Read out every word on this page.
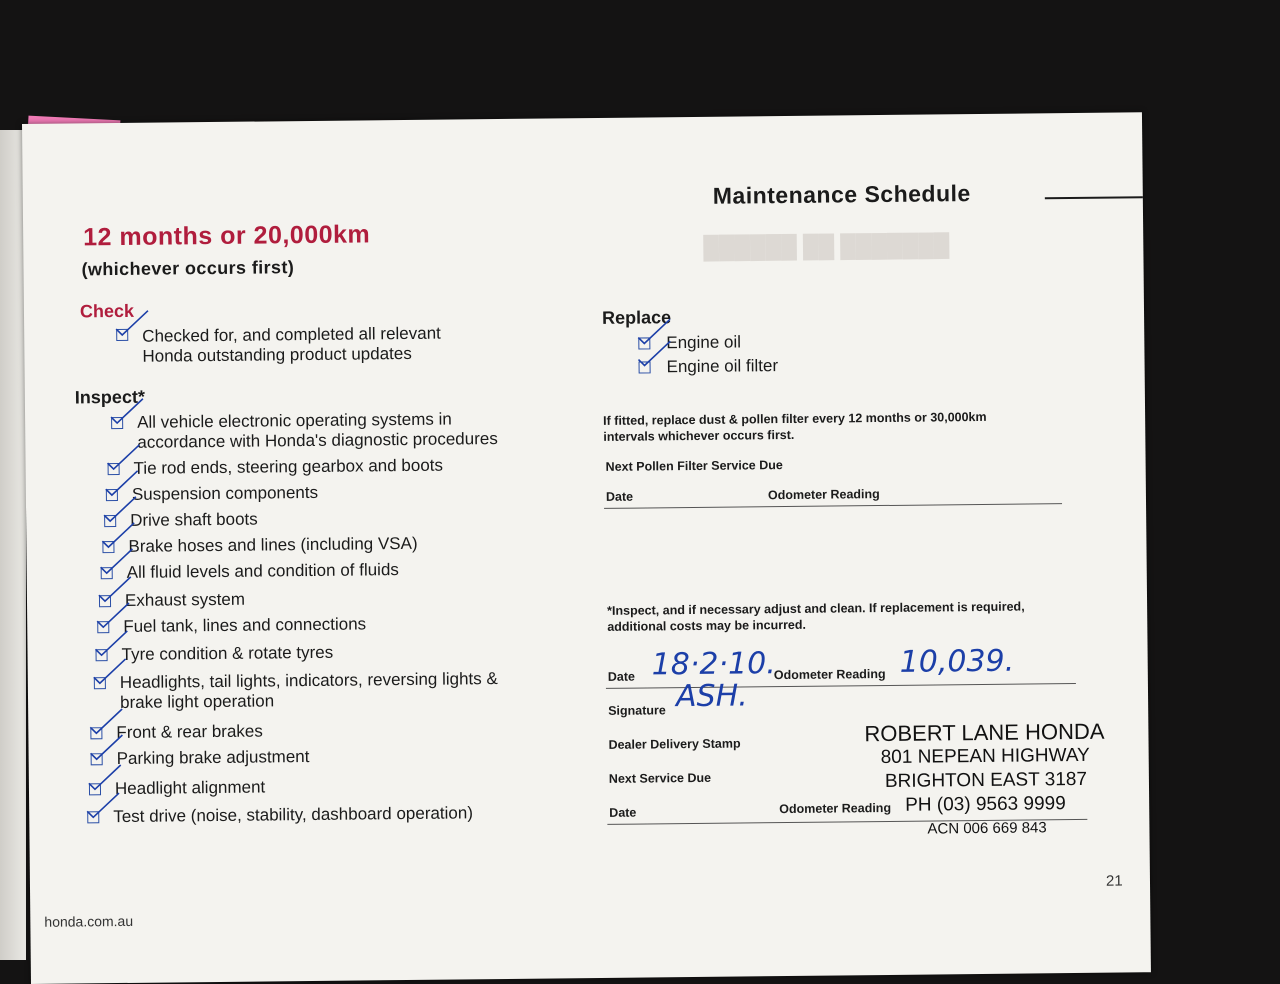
███████ ██ ██████
Maintenance Schedule
12 months or 20,000km
(whichever occurs first)
Check
Checked for, and completed all relevant
Honda outstanding product updates
Inspect*
All vehicle electronic operating systems in
accordance with Honda's diagnostic procedures
Tie rod ends, steering gearbox and boots
Suspension components
Drive shaft boots
Brake hoses and lines (including VSA)
All fluid levels and condition of fluids
Exhaust system
Fuel tank, lines and connections
Tyre condition & rotate tyres
Headlights, tail lights, indicators, reversing lights &
brake light operation
Front & rear brakes
Parking brake adjustment
Headlight alignment
Test drive (noise, stability, dashboard operation)
Replace
Engine oil
Engine oil filter
If fitted, replace dust & pollen filter every 12 months or 30,000km
intervals whichever occurs first.
Next Pollen Filter Service Due
Date	Odometer Reading
*Inspect, and if necessary adjust and clean. If replacement is required,
additional costs may be incurred.
Date 18·2·10.
Odometer Reading 10,039.
Signature ASH.
Dealer Delivery Stamp
Next Service Due
Date	Odometer Reading
ROBERT LANE HONDA
801 NEPEAN HIGHWAY
BRIGHTON EAST 3187
PH (03) 9563 9999
ACN 006 669 843
honda.com.au
21
